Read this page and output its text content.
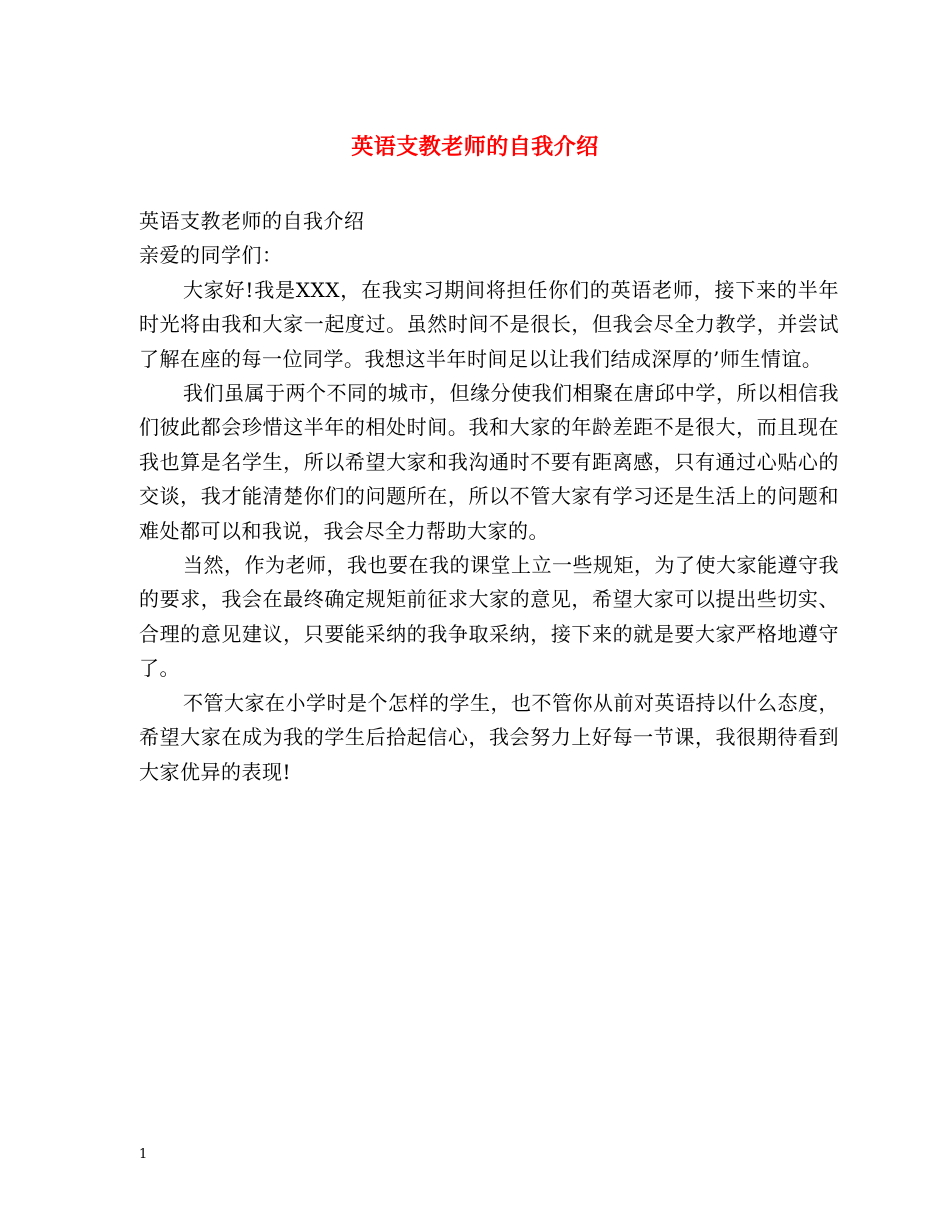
英语支教老师的自我介绍

英语支教老师的自我介绍

亲爱的同学们：

大家好!我是XXX，在我实习期间将担任你们的英语老师，接下来的半年时光将由我和大家一起度过。虽然时间不是很长，但我会尽全力教学，并尝试了解在座的每一位同学。我想这半年时间足以让我们结成深厚的’师生情谊。

我们虽属于两个不同的城市，但缘分使我们相聚在唐邱中学，所以相信我们彼此都会珍惜这半年的相处时间。我和大家的年龄差距不是很大，而且现在我也算是名学生，所以希望大家和我沟通时不要有距离感，只有通过心贴心的交谈，我才能清楚你们的问题所在，所以不管大家有学习还是生活上的问题和难处都可以和我说，我会尽全力帮助大家的。

当然，作为老师，我也要在我的课堂上立一些规矩，为了使大家能遵守我的要求，我会在最终确定规矩前征求大家的意见，希望大家可以提出些切实、合理的意见建议，只要能采纳的我争取采纳，接下来的就是要大家严格地遵守了。

不管大家在小学时是个怎样的学生，也不管你从前对英语持以什么态度，希望大家在成为我的学生后拾起信心，我会努力上好每一节课，我很期待看到大家优异的表现!

1
